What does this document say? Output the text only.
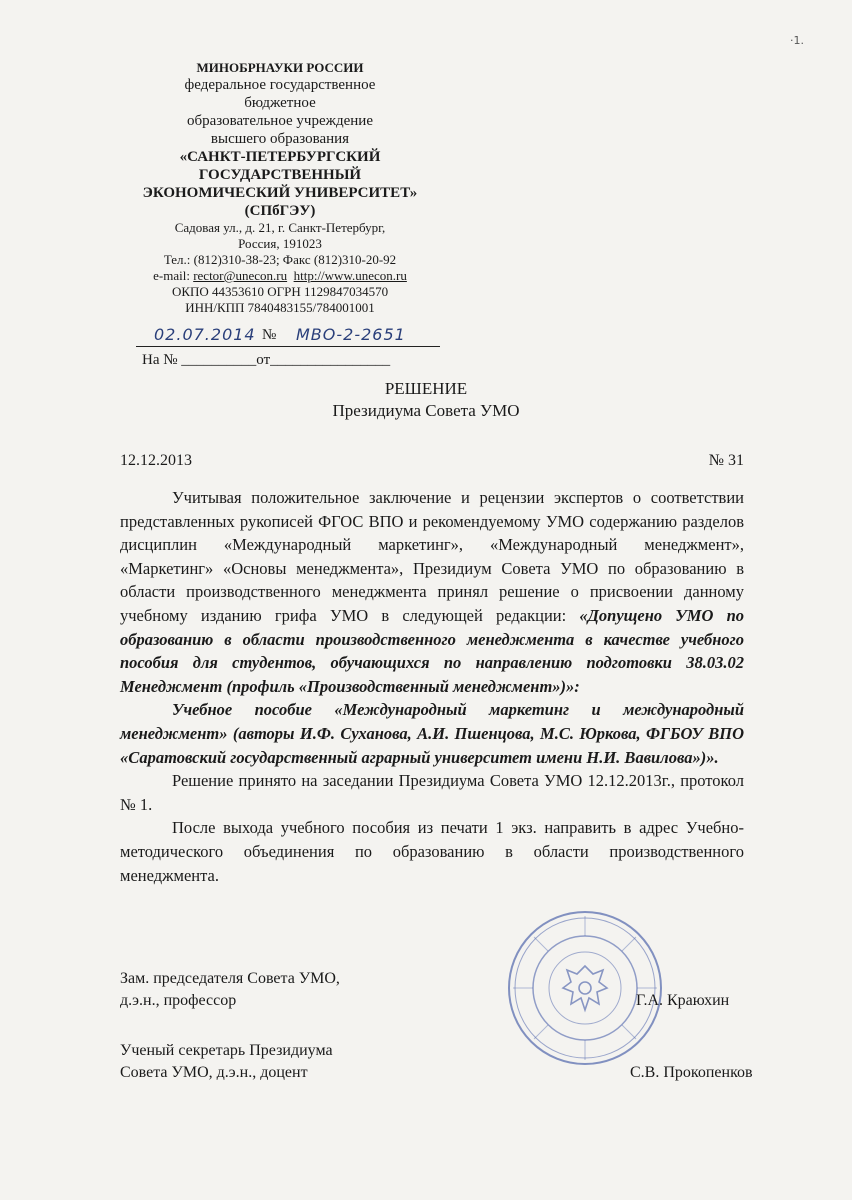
·1.
МИНОБРНАУКИ РОССИИ
федеральное государственное
бюджетное
образовательное учреждение
высшего образования
«САНКТ-ПЕТЕРБУРГСКИЙ
ГОСУДАРСТВЕННЫЙ
ЭКОНОМИЧЕСКИЙ УНИВЕРСИТЕТ»
(СПбГЭУ)
Садовая ул., д. 21, г. Санкт-Петербург,
Россия, 191023
Тел.: (812)310-38-23; Факс (812)310-20-92
e-mail: rector@unecon.ru http://www.unecon.ru
ОКПО 44353610 ОГРН 1129847034570
ИНН/КПП 7840483155/784001001
02.07.2014 № МВО-2-2651
На № __________от________________
РЕШЕНИЕ
Президиума Совета УМО
12.12.2013	№ 31

Учитывая положительное заключение и рецензии экспертов о соответствии представленных рукописей ФГОС ВПО и рекомендуемому УМО содержанию разделов дисциплин «Международный маркетинг», «Международный менеджмент», «Маркетинг» «Основы менеджмента», Президиум Совета УМО по образованию в области производственного менеджмента принял решение о присвоении данному учебному изданию грифа УМО в следующей редакции: «Допущено УМО по образованию в области производственного менеджмента в качестве учебного пособия для студентов, обучающихся по направлению подготовки 38.03.02 Менеджмент (профиль «Производственный менеджмент»)»:

Учебное пособие «Международный маркетинг и международный менеджмент» (авторы И.Ф. Суханова, А.И. Пшенцова, М.С. Юркова, ФГБОУ ВПО «Саратовский государственный аграрный университет имени Н.И. Вавилова»)».

Решение принято на заседании Президиума Совета УМО 12.12.2013г., протокол № 1.

После выхода учебного пособия из печати 1 экз. направить в адрес Учебно-методического объединения по образованию в области производственного менеджмента.

Зам. председателя Совета УМО,
д.э.н., профессор	Г.А. Краюхин
Ученый секретарь Президиума
Совета УМО, д.э.н., доцент	С.В. Прокопенков
